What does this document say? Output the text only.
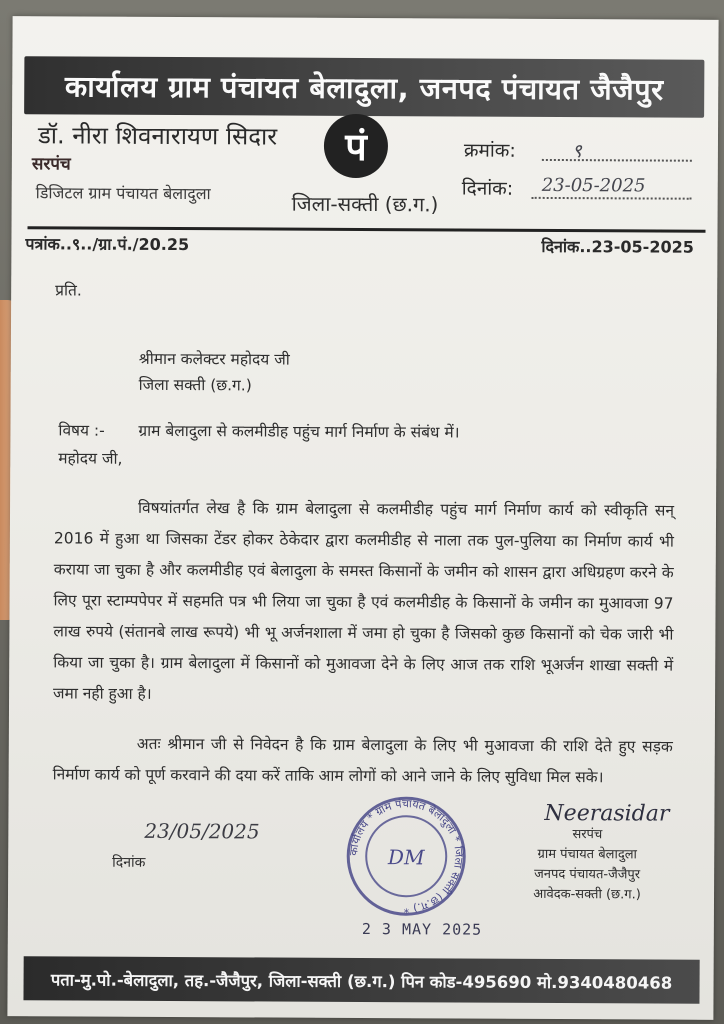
कार्यालय ग्राम पंचायत बेलादुला, जनपद पंचायत जैजैपुर
डॉ. नीरा शिवनारायण सिदार
सरपंच
डिजिटल ग्राम पंचायत बेलादुला
पं
जिला-सक्ती (छ.ग.)
क्रमांक:	९
दिनांक: 23-05-2025
पत्रांक..९../ग्रा.पं./20.25	दिनांक..23-05-2025
प्रति.
श्रीमान कलेक्टर महोदय जी
जिला सक्ती (छ.ग.)
विषय :- ग्राम बेलादुला से कलमीडीह पहुंच मार्ग निर्माण के संबंध में।
महोदय जी,
विषयांतर्गत लेख है कि ग्राम बेलादुला से कलमीडीह पहुंच मार्ग निर्माण कार्य को स्वीकृति सन् 2016 में हुआ था जिसका टेंडर होकर ठेकेदार द्वारा कलमीडीह से नाला तक पुल-पुलिया का निर्माण कार्य भी कराया जा चुका है और कलमीडीह एवं बेलादुला के समस्त किसानों के जमीन को शासन द्वारा अधिग्रहण करने के लिए पूरा स्टाम्पपेपर में सहमति पत्र भी लिया जा चुका है एवं कलमीडीह के किसानों के जमीन का मुआवजा 97 लाख रुपये (संतानबे लाख रूपये) भी भू अर्जनशाला में जमा हो चुका है जिसको कुछ किसानों को चेक जारी भी किया जा चुका है। ग्राम बेलादुला में किसानों को मुआवजा देने के लिए आज तक राशि भूअर्जन शाखा सक्ती में जमा नही हुआ है।
अतः श्रीमान जी से निवेदन है कि ग्राम बेलादुला के लिए भी मुआवजा की राशि देते हुए सड़क निर्माण कार्य को पूर्ण करवाने की दया करें ताकि आम लोगों को आने जाने के लिए सुविधा मिल सके।
23/05/2025
दिनांक
कार्यालय * ग्राम पंचायत बेलादुला * जिला सक्ती (छ.ग.) *
DM
2 3 MAY 2025
Neerasidar
सरपंच
ग्राम पंचायत बेलादुला
जनपद पंचायत-जैजैपुर
आवेदक-सक्ती (छ.ग.)
पता-मु.पो.-बेलादुला, तह.-जैजैपुर, जिला-सक्ती (छ.ग.) पिन कोड-495690 मो.9340480468
